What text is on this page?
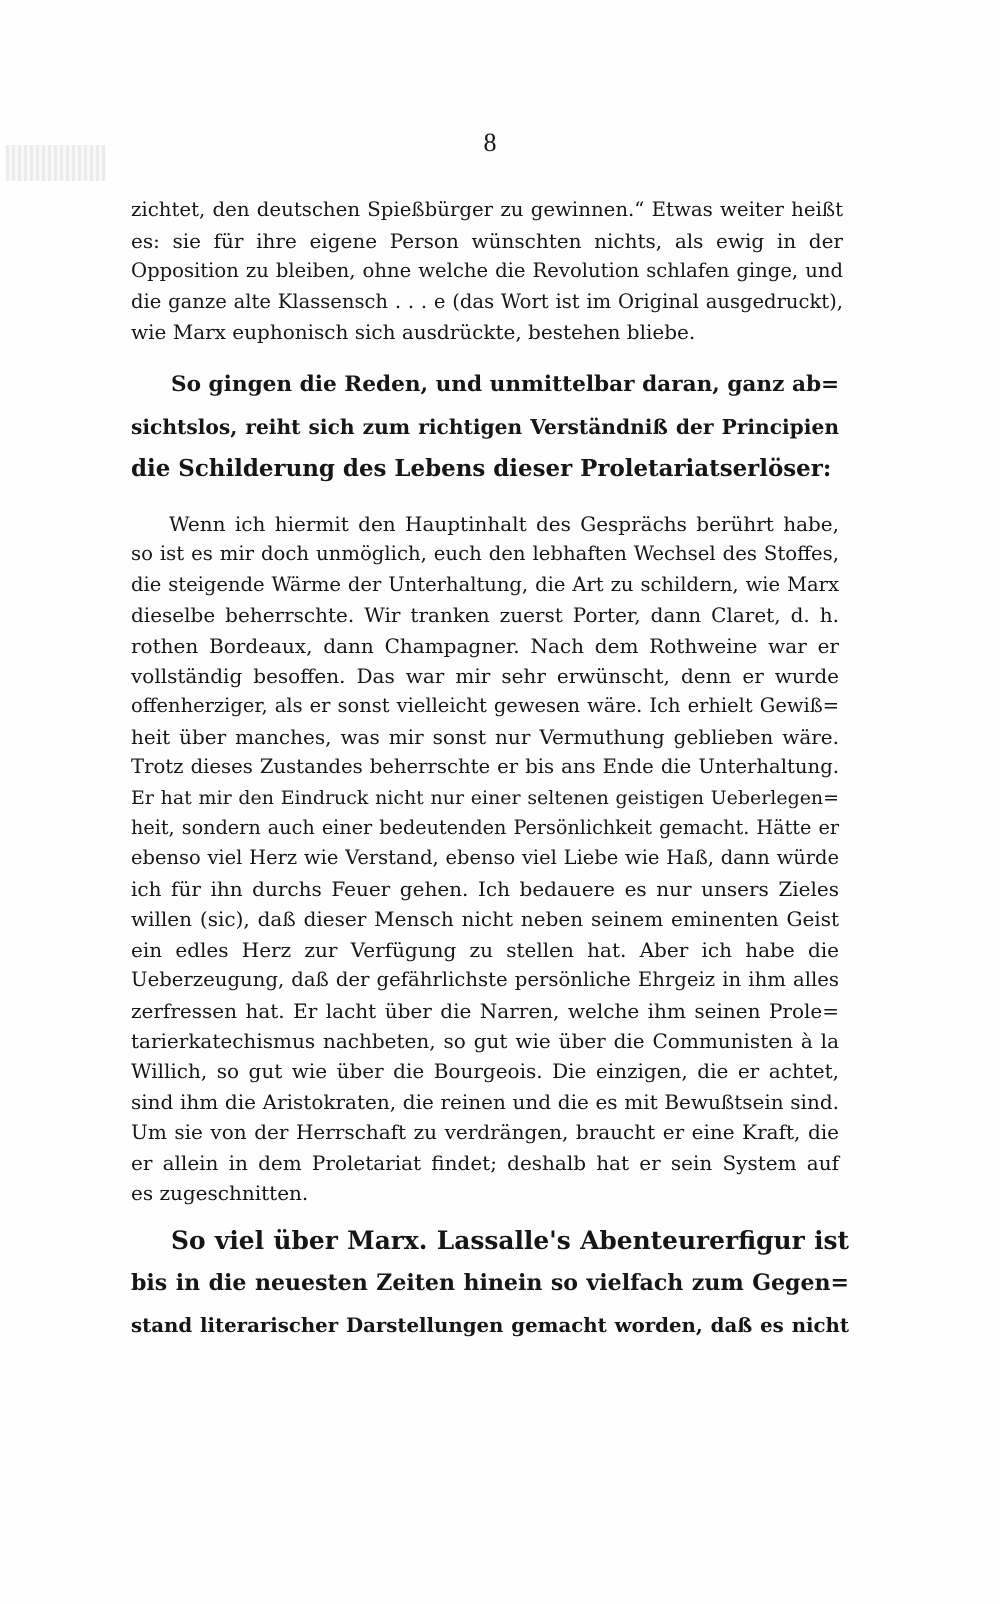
8

zichtet, den deutschen Spießbürger zu gewinnen.“ Etwas weiter heißt
es: sie für ihre eigene Person wünschten nichts, als ewig in der
Opposition zu bleiben, ohne welche die Revolution schlafen ginge, und
die ganze alte Klassensch . . . e (das Wort ist im Original ausgedruckt),
wie Marx euphonisch sich ausdrückte, bestehen bliebe.

So gingen die Reden, und unmittelbar daran, ganz ab=
sichtslos, reiht sich zum richtigen Verständniß der Principien
die Schilderung des Lebens dieser Proletariatserlöser:

Wenn ich hiermit den Hauptinhalt des Gesprächs berührt habe,
so ist es mir doch unmöglich, euch den lebhaften Wechsel des Stoffes,
die steigende Wärme der Unterhaltung, die Art zu schildern, wie Marx
dieselbe beherrschte. Wir tranken zuerst Porter, dann Claret, d. h.
rothen Bordeaux, dann Champagner. Nach dem Rothweine war er
vollständig besoffen. Das war mir sehr erwünscht, denn er wurde
offenherziger, als er sonst vielleicht gewesen wäre. Ich erhielt Gewiß=
heit über manches, was mir sonst nur Vermuthung geblieben wäre.
Trotz dieses Zustandes beherrschte er bis ans Ende die Unterhaltung.
Er hat mir den Eindruck nicht nur einer seltenen geistigen Ueberlegen=
heit, sondern auch einer bedeutenden Persönlichkeit gemacht. Hätte er
ebenso viel Herz wie Verstand, ebenso viel Liebe wie Haß, dann würde
ich für ihn durchs Feuer gehen. Ich bedauere es nur unsers Zieles
willen (sic), daß dieser Mensch nicht neben seinem eminenten Geist
ein edles Herz zur Verfügung zu stellen hat. Aber ich habe die
Ueberzeugung, daß der gefährlichste persönliche Ehrgeiz in ihm alles
zerfressen hat. Er lacht über die Narren, welche ihm seinen Prole=
tarierkatechismus nachbeten, so gut wie über die Communisten à la
Willich, so gut wie über die Bourgeois. Die einzigen, die er achtet,
sind ihm die Aristokraten, die reinen und die es mit Bewußtsein sind.
Um sie von der Herrschaft zu verdrängen, braucht er eine Kraft, die
er allein in dem Proletariat findet; deshalb hat er sein System auf
es zugeschnitten.

So viel über Marx. Lassalle's Abenteurerfigur ist
bis in die neuesten Zeiten hinein so vielfach zum Gegen=
stand literarischer Darstellungen gemacht worden, daß es nicht
